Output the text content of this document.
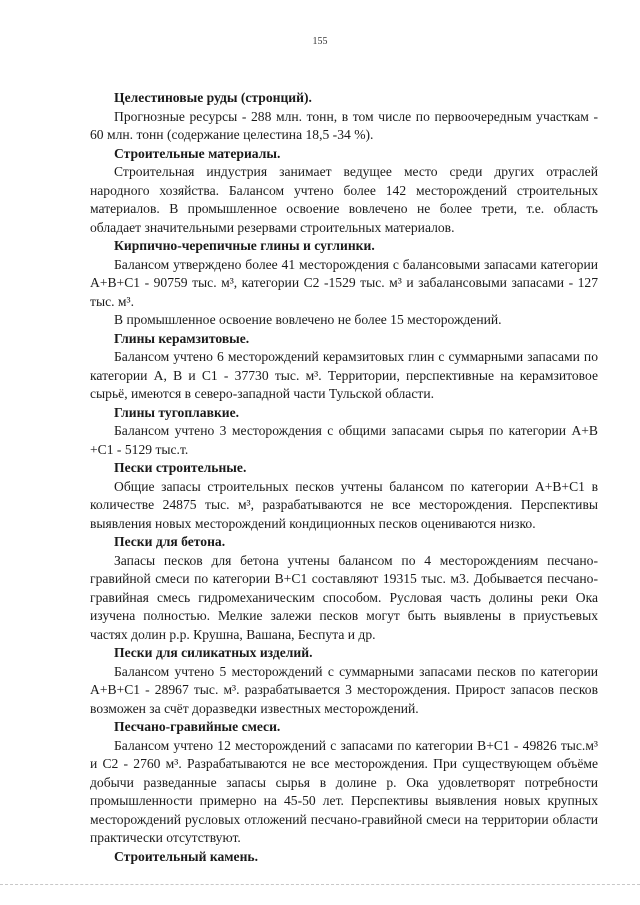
155
Целестиновые руды (стронций).

Прогнозные ресурсы - 288 млн. тонн, в том числе по первоочередным участкам - 60 млн. тонн (содержание целестина 18,5 -34 %).

Строительные материалы.

Строительная индустрия занимает ведущее место среди других отраслей народного хозяйства. Балансом учтено более 142 месторождений строительных материалов. В промышленное освоение вовлечено не более трети, т.е. область обладает значительными резервами строительных материалов.

Кирпично-черепичные глины и суглинки.

Балансом утверждено более 41 месторождения с балансовыми запасами категории А+В+С1 - 90759 тыс. м³, категории С2 -1529 тыс. м³ и забалансовыми запасами - 127 тыс. м³.

В промышленное освоение вовлечено не более 15 месторождений.

Глины керамзитовые.

Балансом учтено 6 месторождений керамзитовых глин с суммарными запасами по категории А, В и С1 - 37730 тыс. м³. Территории, перспективные на керамзитовое сырьё, имеются в северо-западной части Тульской области.

Глины тугоплавкие.

Балансом учтено 3 месторождения с общими запасами сырья по категории А+В +С1 - 5129 тыс.т.

Пески строительные.

Общие запасы строительных песков учтены балансом по категории А+В+С1 в количестве 24875 тыс. м³, разрабатываются не все месторождения. Перспективы выявления новых месторождений кондиционных песков оцениваются низко.

Пески для бетона.

Запасы песков для бетона учтены балансом по 4 месторождениям песчано-гравийной смеси по категории В+С1 составляют 19315 тыс. м3. Добывается песчано-гравийная смесь гидромеханическим способом. Русловая часть долины реки Ока изучена полностью. Мелкие залежи песков могут быть выявлены в приустьевых частях долин р.р. Крушна, Вашана, Беспута и др.

Пески для силикатных изделий.

Балансом учтено 5 месторождений с суммарными запасами песков по категории А+В+С1 - 28967 тыс. м³. разрабатывается 3 месторождения. Прирост запасов песков возможен за счёт доразведки известных месторождений.

Песчано-гравийные смеси.

Балансом учтено 12 месторождений с запасами по категории В+С1 - 49826 тыс.м³ и С2 - 2760 м³. Разрабатываются не все месторождения. При существующем объёме добычи разведанные запасы сырья в долине р. Ока удовлетворят потребности промышленности примерно на 45-50 лет. Перспективы выявления новых крупных месторождений русловых отложений песчано-гравийной смеси на территории области практически отсутствуют.

Строительный камень.
